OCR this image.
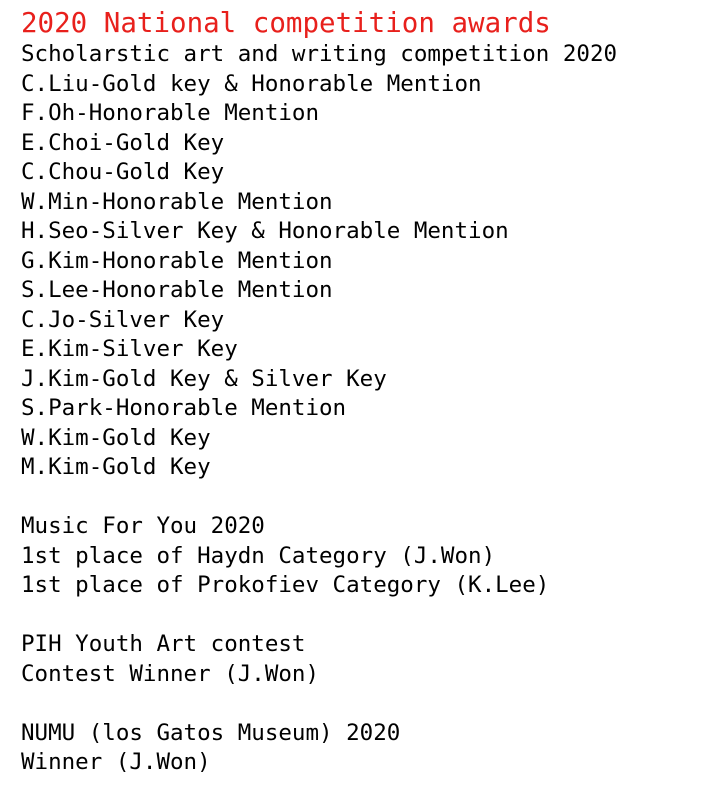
2020 National competition awards
Scholarstic art and writing competition 2020
C.Liu-Gold key & Honorable Mention
F.Oh-Honorable Mention
E.Choi-Gold Key
C.Chou-Gold Key
W.Min-Honorable Mention
H.Seo-Silver Key & Honorable Mention
G.Kim-Honorable Mention
S.Lee-Honorable Mention
C.Jo-Silver Key
E.Kim-Silver Key
J.Kim-Gold Key & Silver Key
S.Park-Honorable Mention
W.Kim-Gold Key
M.Kim-Gold Key
Music For You 2020
1st place of Haydn Category (J.Won)
1st place of Prokofiev Category (K.Lee)
PIH Youth Art contest
Contest Winner (J.Won)
NUMU (los Gatos Museum) 2020
Winner (J.Won)
